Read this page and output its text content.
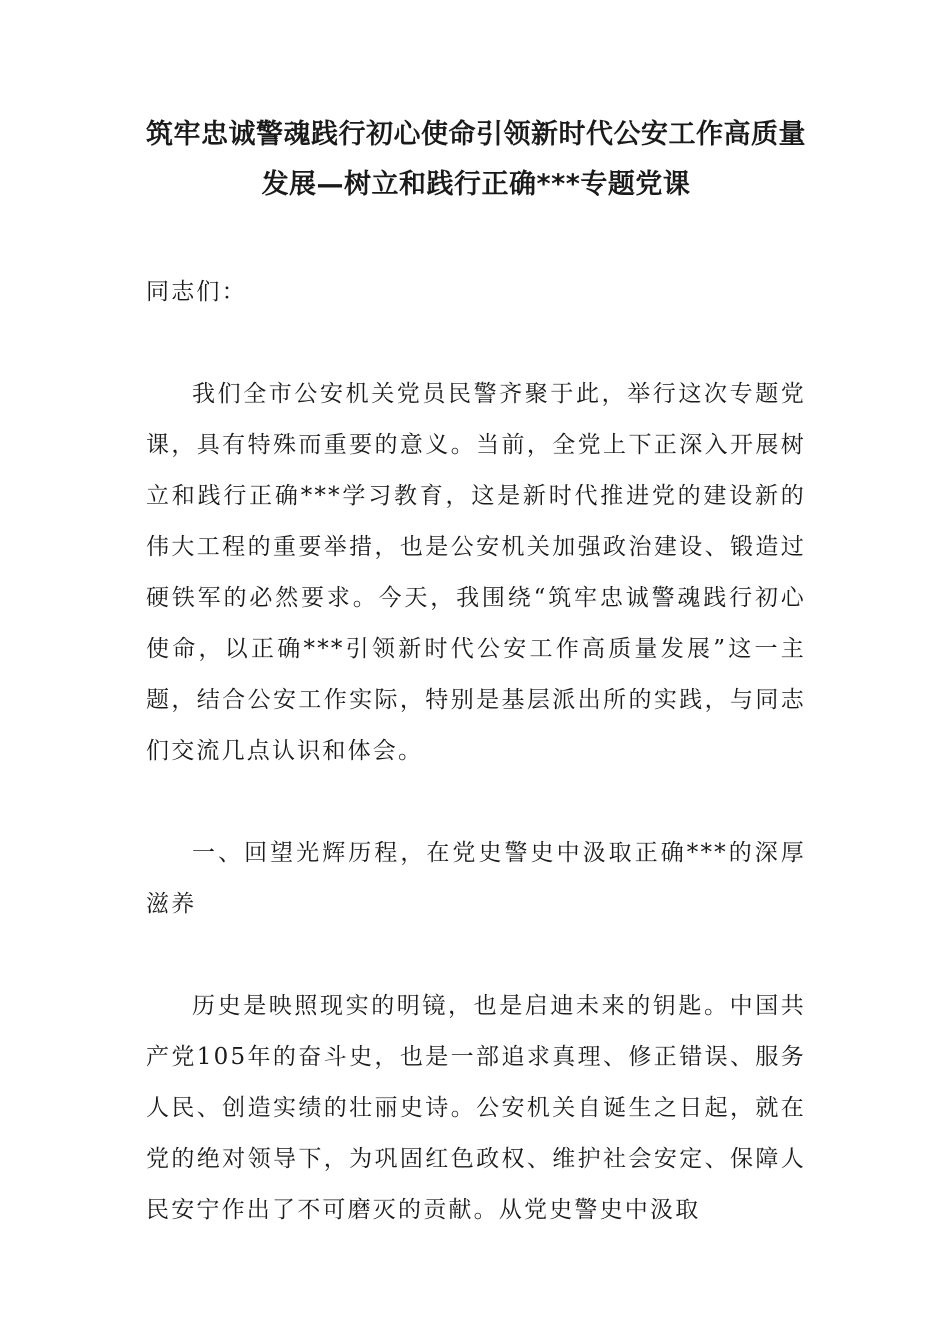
筑牢忠诚警魂践行初心使命引领新时代公安工作高质量发展—树立和践行正确***专题党课

同志们：

我们全市公安机关党员民警齐聚于此，举行这次专题党课，具有特殊而重要的意义。当前，全党上下正深入开展树立和践行正确***学习教育，这是新时代推进党的建设新的伟大工程的重要举措，也是公安机关加强政治建设、锻造过硬铁军的必然要求。今天，我围绕“筑牢忠诚警魂践行初心使命，以正确***引领新时代公安工作高质量发展”这一主题，结合公安工作实际，特别是基层派出所的实践，与同志们交流几点认识和体会。

一、回望光辉历程，在党史警史中汲取正确***的深厚滋养

历史是映照现实的明镜，也是启迪未来的钥匙。中国共产党105年的奋斗史，也是一部追求真理、修正错误、服务人民、创造实绩的壮丽史诗。公安机关自诞生之日起，就在党的绝对领导下，为巩固红色政权、维护社会安定、保障人民安宁作出了不可磨灭的贡献。从党史警史中汲取
